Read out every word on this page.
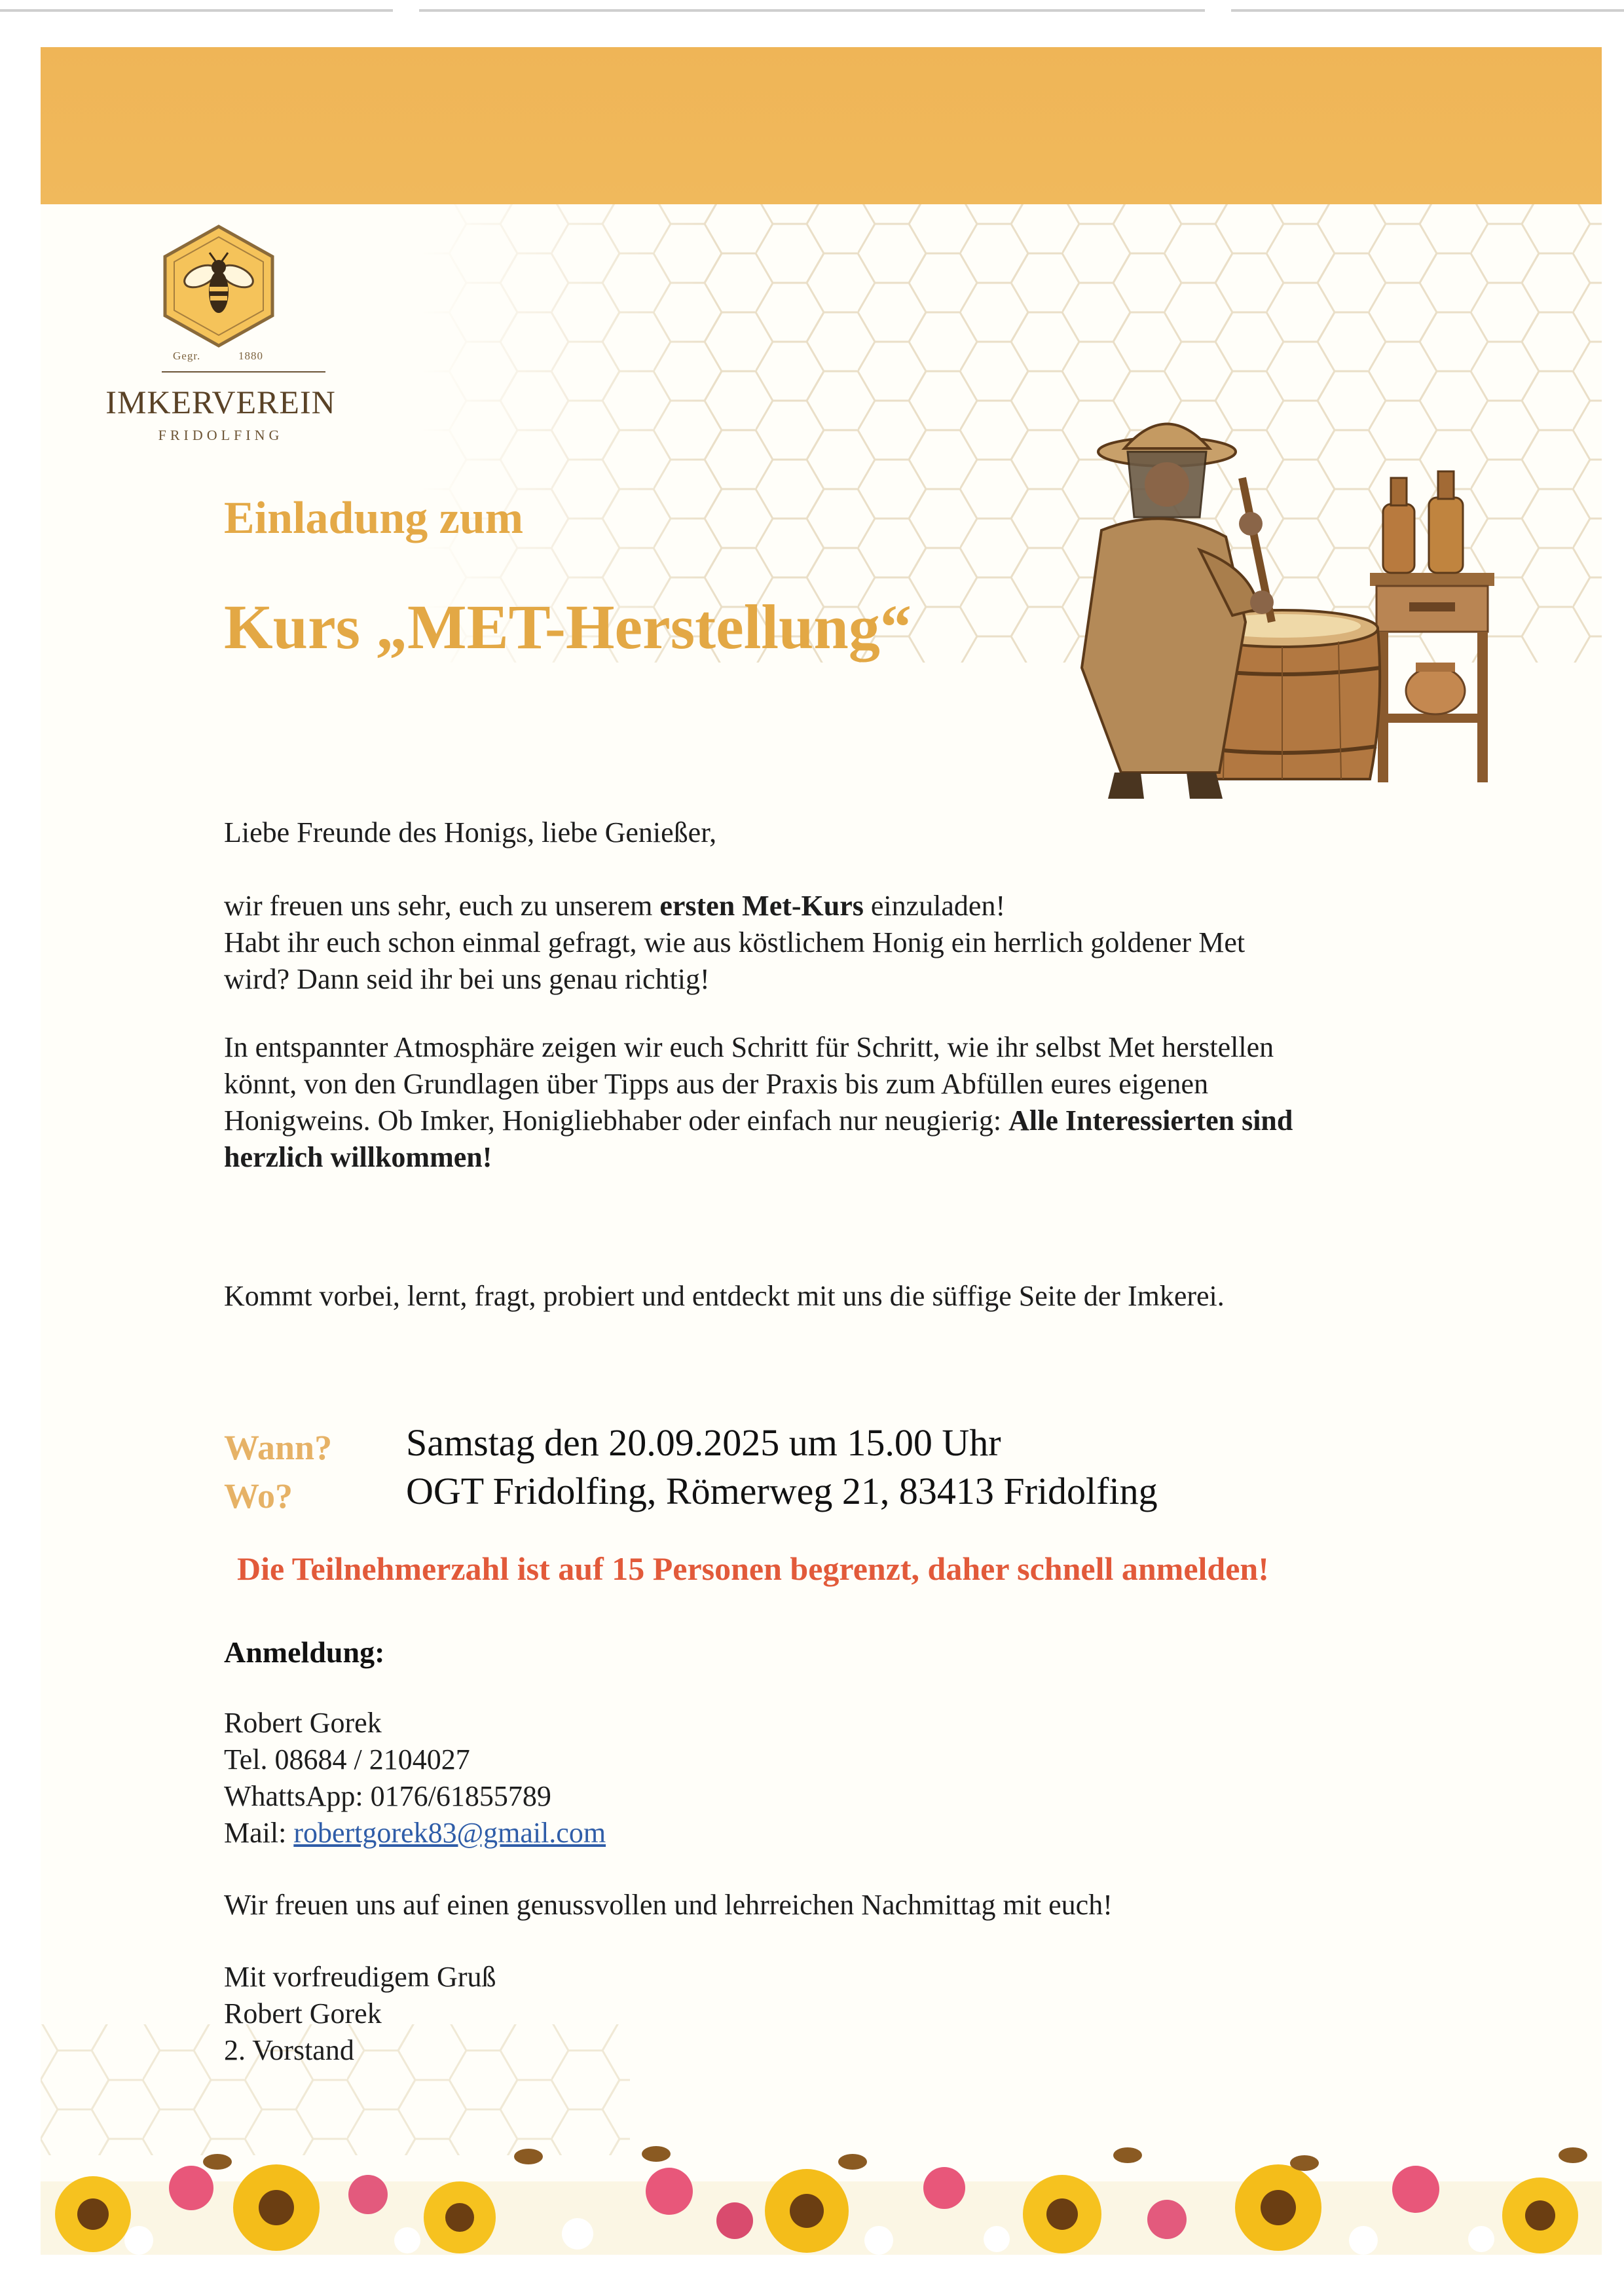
Gegr.	1880
IMKERVEREIN
FRIDOLFING
Einladung zum
Kurs „MET-Herstellung“
Liebe Freunde des Honigs, liebe Genießer,
wir freuen uns sehr, euch zu unserem ersten Met-Kurs einzuladen!
Habt ihr euch schon einmal gefragt, wie aus köstlichem Honig ein herrlich goldener Met
wird? Dann seid ihr bei uns genau richtig!
In entspannter Atmosphäre zeigen wir euch Schritt für Schritt, wie ihr selbst Met herstellen
könnt, von den Grundlagen über Tipps aus der Praxis bis zum Abfüllen eures eigenen
Honigweins. Ob Imker, Honigliebhaber oder einfach nur neugierig: Alle Interessierten sind
herzlich willkommen!
Kommt vorbei, lernt, fragt, probiert und entdeckt mit uns die süffige Seite der Imkerei.
Wann? Samstag den 20.09.2025 um 15.00 Uhr
Wo?	OGT Fridolfing, Römerweg 21, 83413 Fridolfing
Die Teilnehmerzahl ist auf 15 Personen begrenzt, daher schnell anmelden!
Anmeldung:
Robert Gorek
Tel. 08684 / 2104027
WhattsApp: 0176/61855789
Mail: robertgorek83@gmail.com
Wir freuen uns auf einen genussvollen und lehrreichen Nachmittag mit euch!
Mit vorfreudigem Gruß
Robert Gorek
2. Vorstand
